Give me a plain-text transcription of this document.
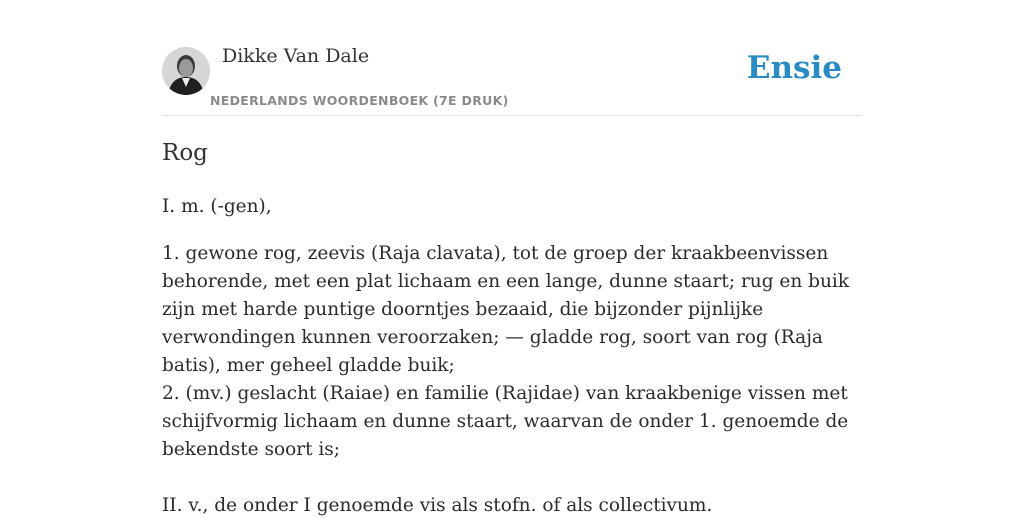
Dikke Van Dale
NEDERLANDS WOORDENBOEK (7E DRUK)
Ensie
Rog

I. m. (-gen),

1. gewone rog, zeevis (Raja clavata), tot de groep der kraakbeenvissen behorende, met een plat lichaam en een lange, dunne staart; rug en buik zijn met harde puntige doorntjes bezaaid, die bijzonder pijnlijke verwondingen kunnen veroorzaken; — gladde rog, soort van rog (Raja batis), mer geheel gladde buik;
2. (mv.) geslacht (Raiae) en familie (Rajidae) van kraakbenige vissen met schijfvormig lichaam en dunne staart, waarvan de onder 1. genoemde de bekendste soort is;

II. v., de onder I genoemde vis als stofn. of als collectivum.
